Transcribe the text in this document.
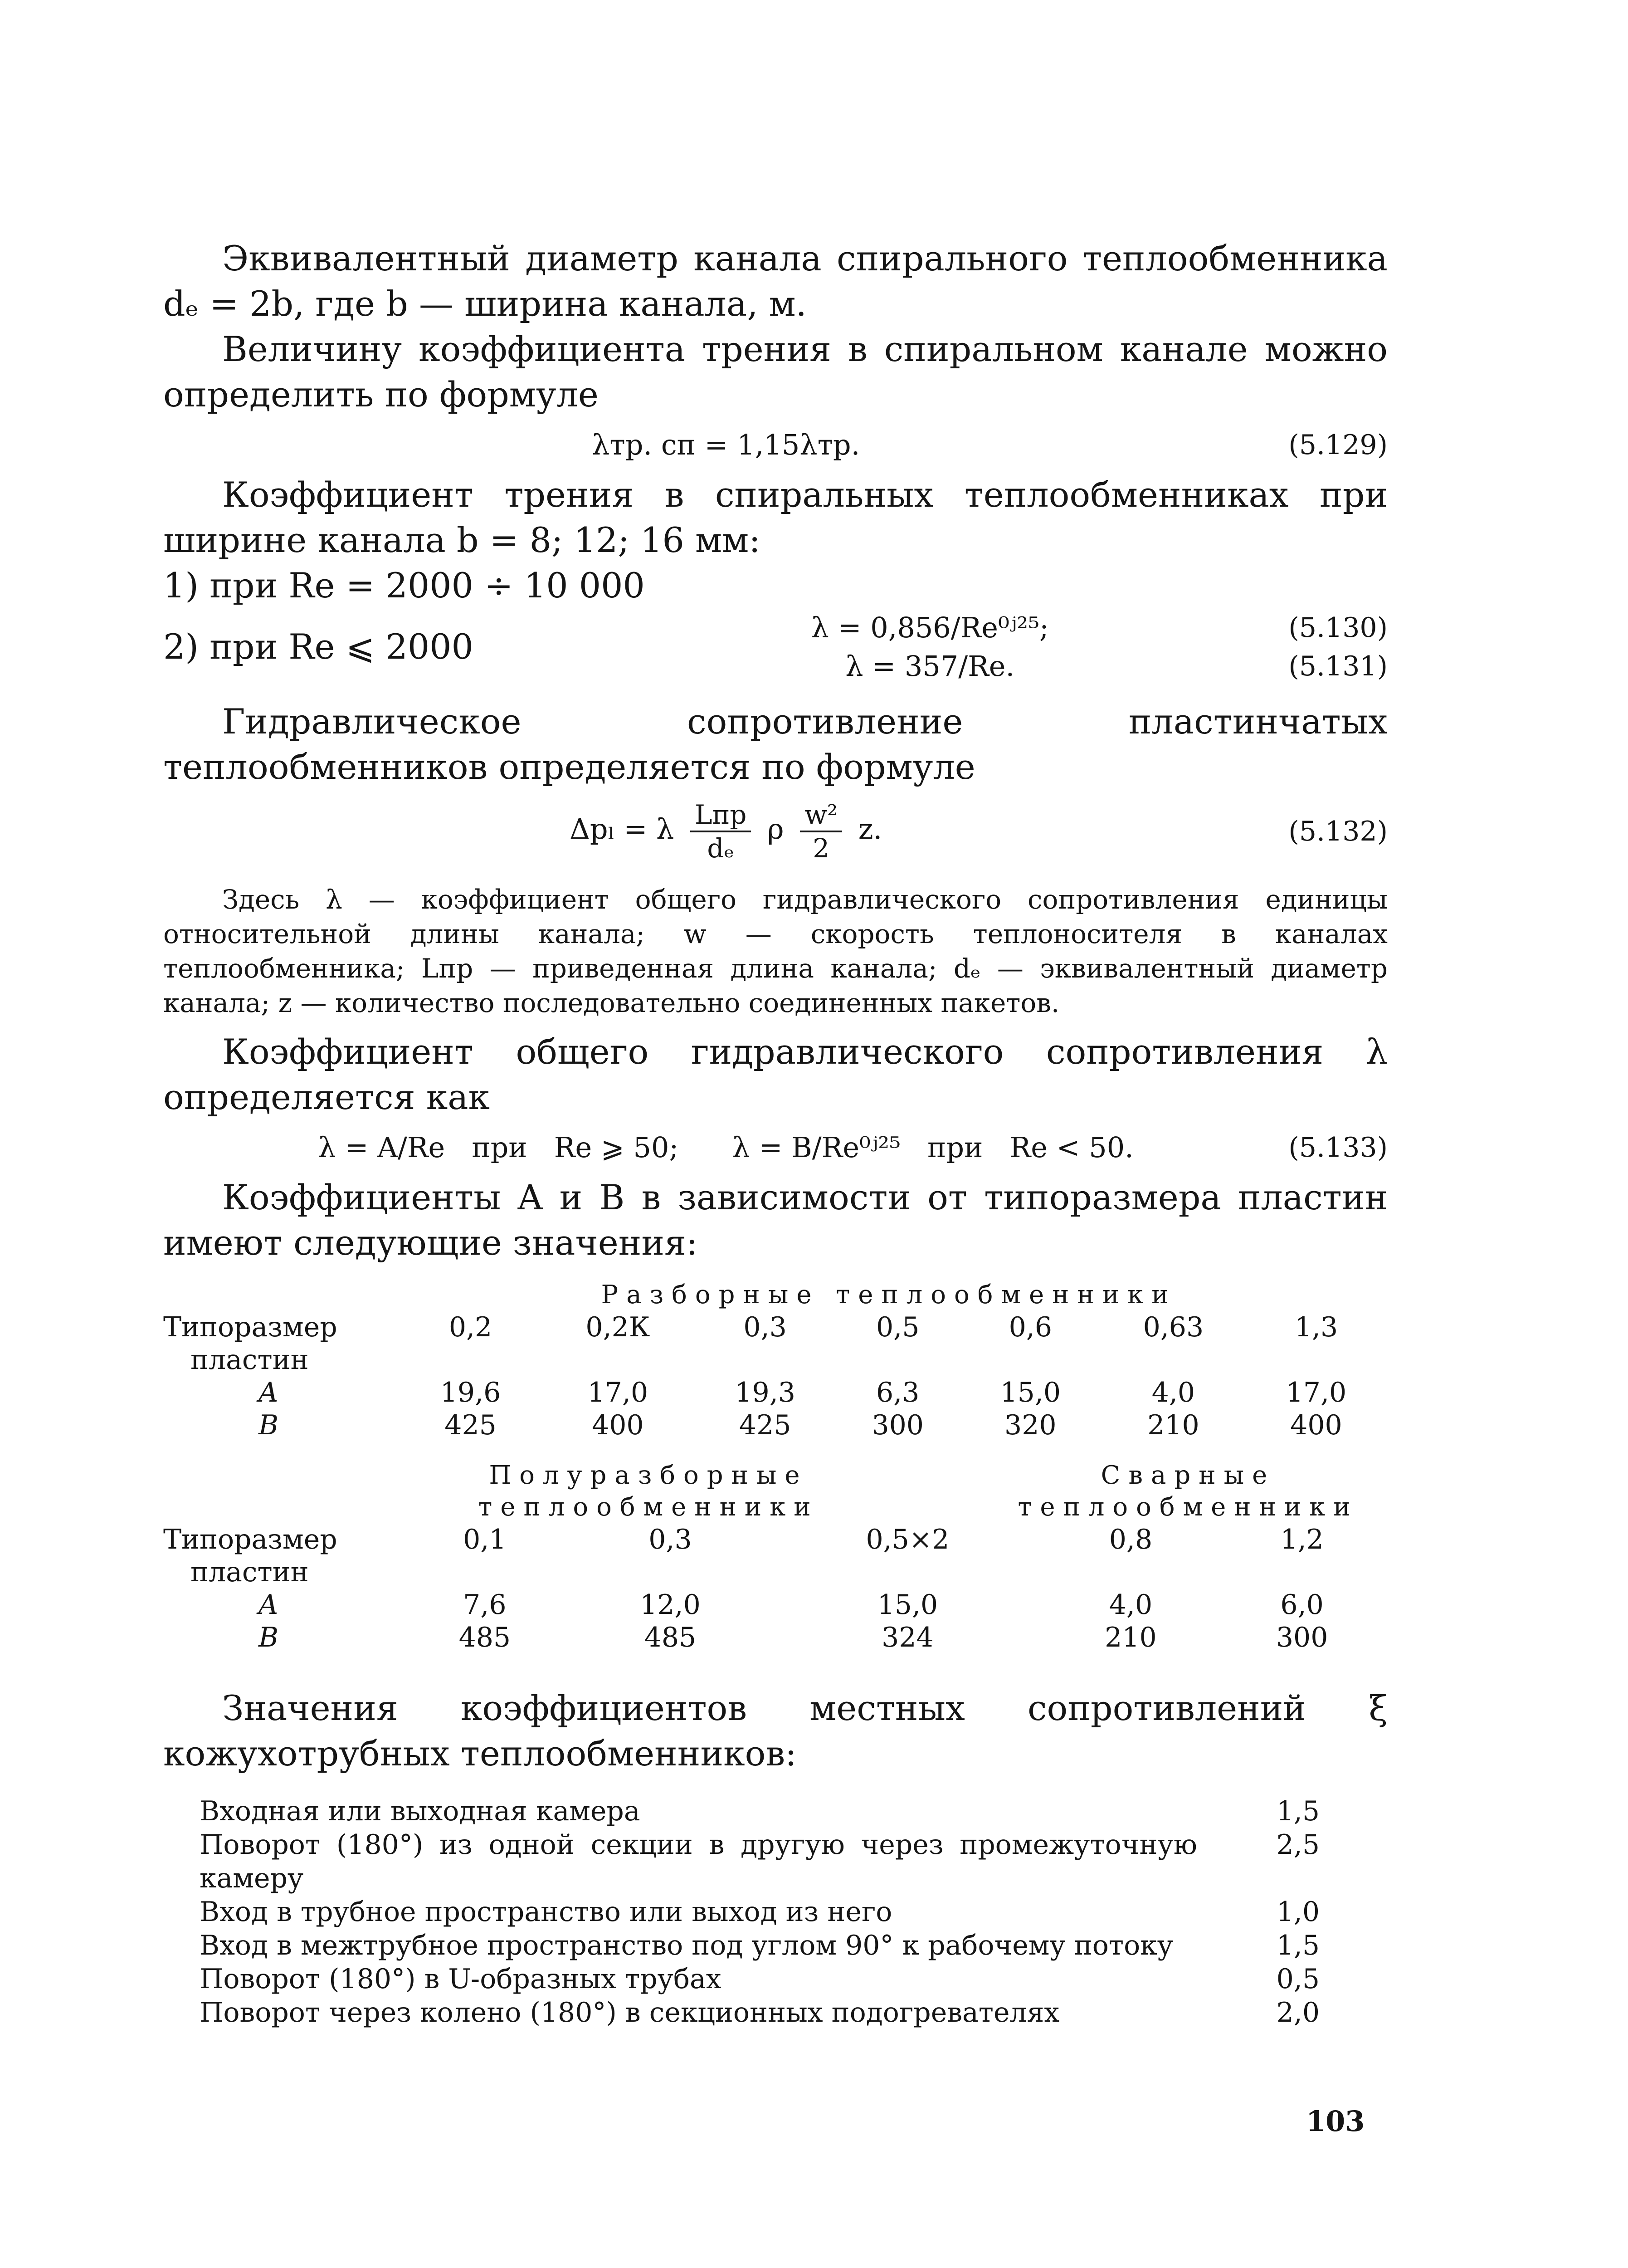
Эквивалентный диаметр канала спирального теплообменника dₑ = 2b, где b — ширина канала, м.

Величину коэффициента трения в спиральном канале можно определить по формуле

λᴛр. сп = 1,15λᴛр.	(5.129)

Коэффициент трения в спиральных теплообменниках при ширине канала b = 8; 12; 16 мм:

1) при Re = 2000 ÷ 10 000

2) при Re ⩽ 2000	λ = 0,856/Re⁰ʲ²⁵;	(5.130)
λ = 357/Re.	(5.131)

Гидравлическое сопротивление пластинчатых теплообменников определяется по формуле

Δpₗ = λ $\frac{\text{Lпр}}{\text{dₑ}}$ ρ $\frac{\text{w²}}{2} z$.	(5.132)

Здесь λ — коэффициент общего гидравлического сопротивления единицы относительной длины канала; w — скорость теплоносителя в каналах теплообменника; Lпр — приведенная длина канала; dₑ — эквивалентный диаметр канала; z — количество последовательно соединенных пакетов.

Коэффициент общего гидравлического сопротивления λ определяется как

λ = A/Re   при   Re ⩾ 50;      λ = B/Re⁰ʲ²⁵   при   Re < 50.	(5.133)

Коэффициенты A и B в зависимости от типоразмера пластин имеют следующие значения:

Разборные теплообменники
Типоразмер	0,2	0,2К	0,3	0,5	0,6	0,63	1,3
пластин							
A	19,6	17,0	19,3	6,3	15,0	4,0	17,0
B	425	400	425	300	320	210	400
Полуразборные
теплообменники
Сварные
теплообменники
Типоразмер	0,1	0,3	0,5×2	0,8	1,2
пластин					
A	7,6	12,0	15,0	4,0	6,0
B	485	485	324	210	300

Значения коэффициентов местных сопротивлений ξ кожухотрубных теплообменников:

Входная или выходная камера	1,5
Поворот (180°) из одной секции в другую через промежуточную камеру
2,5
Вход в трубное пространство или выход из него	1,0
Вход в межтрубное пространство под углом 90° к рабочему потоку	1,5
Поворот (180°) в U-образных трубах	0,5
Поворот через колено (180°) в секционных подогревателях	2,0
103
